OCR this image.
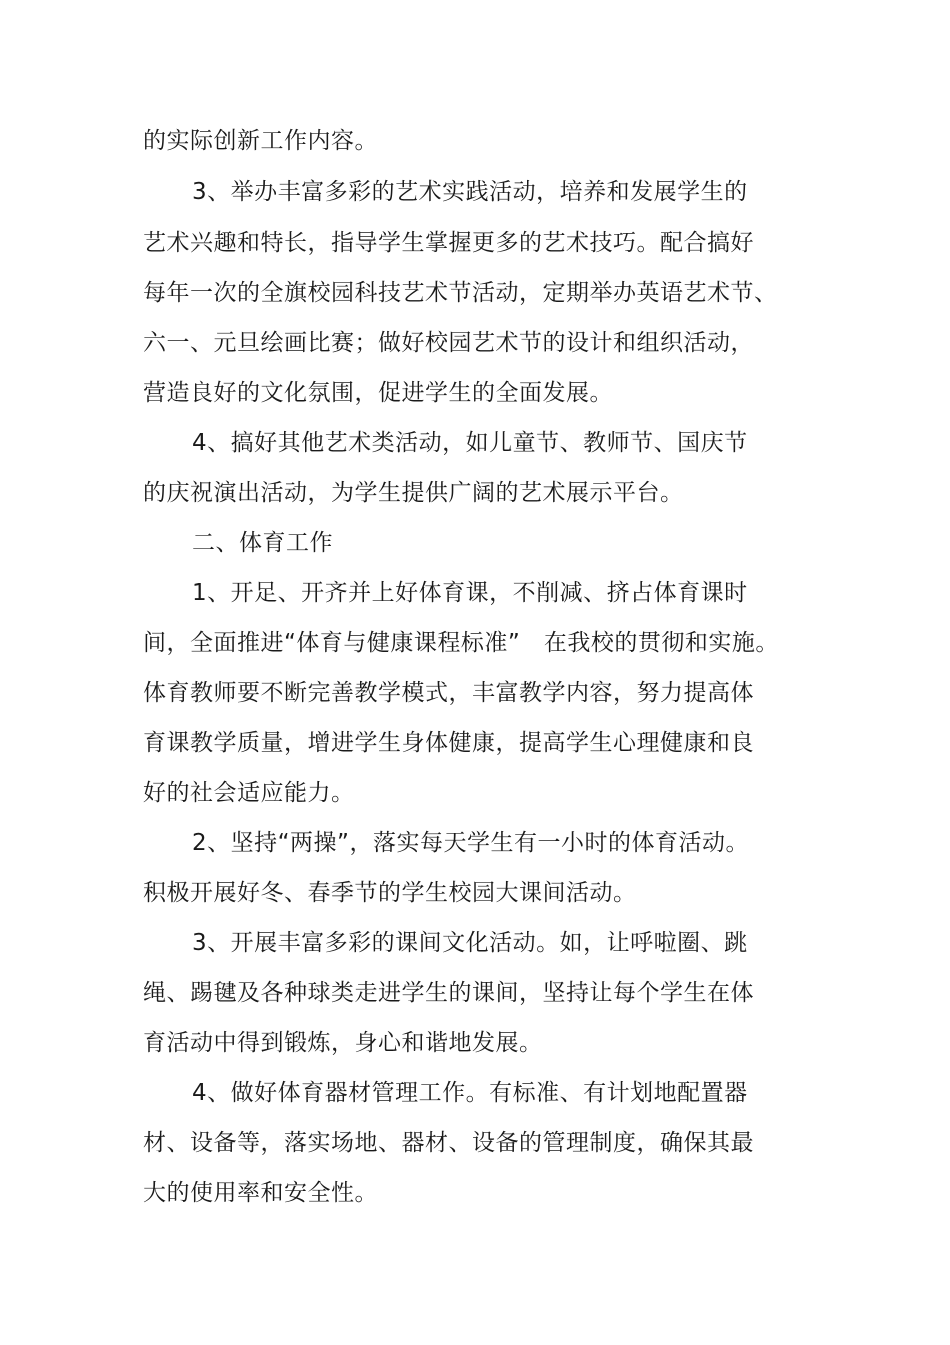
的实际创新工作内容。
3、举办丰富多彩的艺术实践活动，培养和发展学生的
艺术兴趣和特长，指导学生掌握更多的艺术技巧。配合搞好
每年一次的全旗校园科技艺术节活动，定期举办英语艺术节、
六一、元旦绘画比赛；做好校园艺术节的设计和组织活动，
营造良好的文化氛围，促进学生的全面发展。
4、搞好其他艺术类活动，如儿童节、教师节、国庆节
的庆祝演出活动，为学生提供广阔的艺术展示平台。
二、体育工作
1、开足、开齐并上好体育课，不削减、挤占体育课时
间，全面推进“体育与健康课程标准”　在我校的贯彻和实施。
体育教师要不断完善教学模式，丰富教学内容，努力提高体
育课教学质量，增进学生身体健康，提高学生心理健康和良
好的社会适应能力。
2、坚持“两操”，落实每天学生有一小时的体育活动。
积极开展好冬、春季节的学生校园大课间活动。
3、开展丰富多彩的课间文化活动。如，让呼啦圈、跳
绳、踢毽及各种球类走进学生的课间，坚持让每个学生在体
育活动中得到锻炼，身心和谐地发展。
4、做好体育器材管理工作。有标准、有计划地配置器
材、设备等，落实场地、器材、设备的管理制度，确保其最
大的使用率和安全性。
